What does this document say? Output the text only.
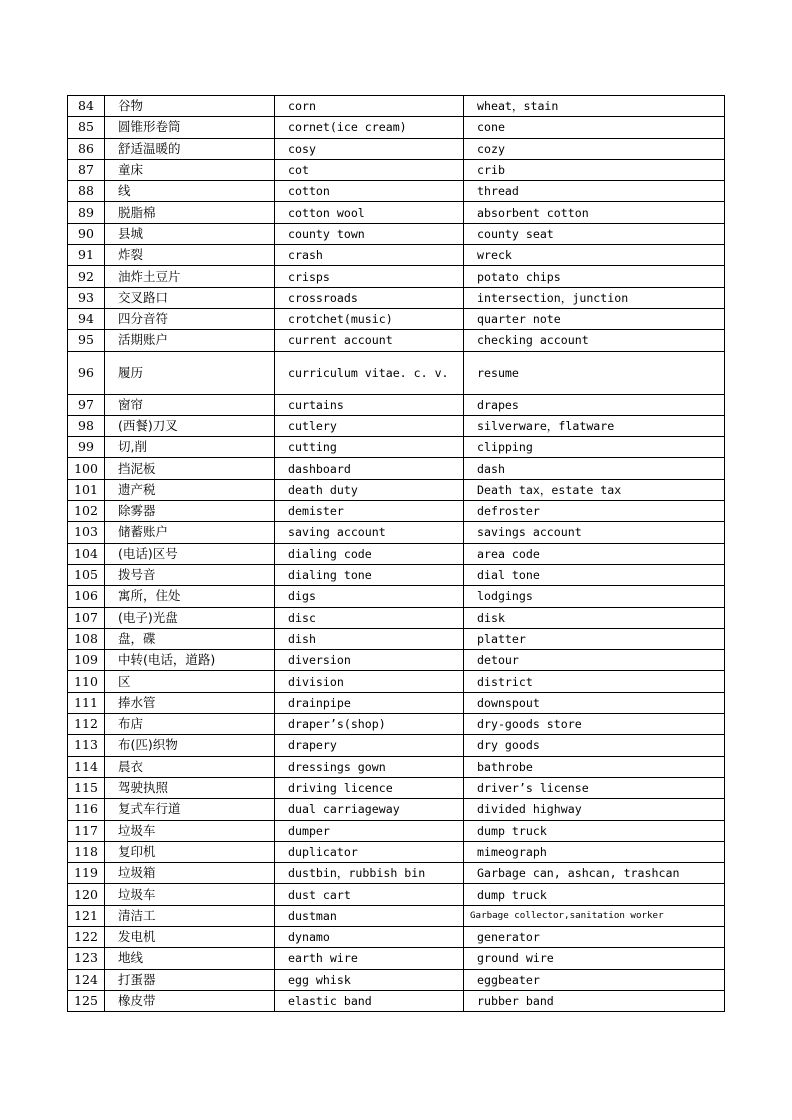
84	谷物	corn	wheat，stain
85	圆锥形卷筒	cornet(ice cream)	cone
86	舒适温暖的	cosy	cozy
87	童床	cot	crib
88	线	cotton	thread
89	脱脂棉	cotton wool	absorbent cotton
90	县城	county town	county seat
91	炸裂	crash	wreck
92	油炸土豆片	crisps	potato chips
93	交叉路口	crossroads	intersection，junction
94	四分音符	crotchet(music)	quarter note
95	活期账户	current account	checking account
96	履历	curriculum vitae. c. v.	resume
97	窗帘	curtains	drapes
98	(西餐)刀叉	cutlery	silverware，flatware
99	切,削	cutting	clipping
100	挡泥板	dashboard	dash
101	遗产税	death duty	Death tax，estate tax
102	除雾器	demister	defroster
103	储蓄账户	saving account	savings account
104	(电话)区号	dialing code	area code
105	拨号音	dialing tone	dial tone
106	寓所，住处	digs	lodgings
107	(电子)光盘	disc	disk
108	盘，碟	dish	platter
109	中转(电话，道路)	diversion	detour
110	区	division	district
111	捧水管	drainpipe	downspout
112	布店	draper’s(shop)	dry-goods store
113	布(匹)织物	drapery	dry goods
114	晨衣	dressings gown	bathrobe
115	驾驶执照	driving licence	driver’s license
116	复式车行道	dual carriageway	divided highway
117	垃圾车	dumper	dump truck
118	复印机	duplicator	mimeograph
119	垃圾箱	dustbin，rubbish bin	Garbage can, ashcan, trashcan
120	垃圾车	dust cart	dump truck
121	清洁工	dustman	Garbage collector,sanitation worker
122	发电机	dynamo	generator
123	地线	earth wire	ground wire
124	打蛋器	egg whisk	eggbeater
125	橡皮带	elastic band	rubber band
